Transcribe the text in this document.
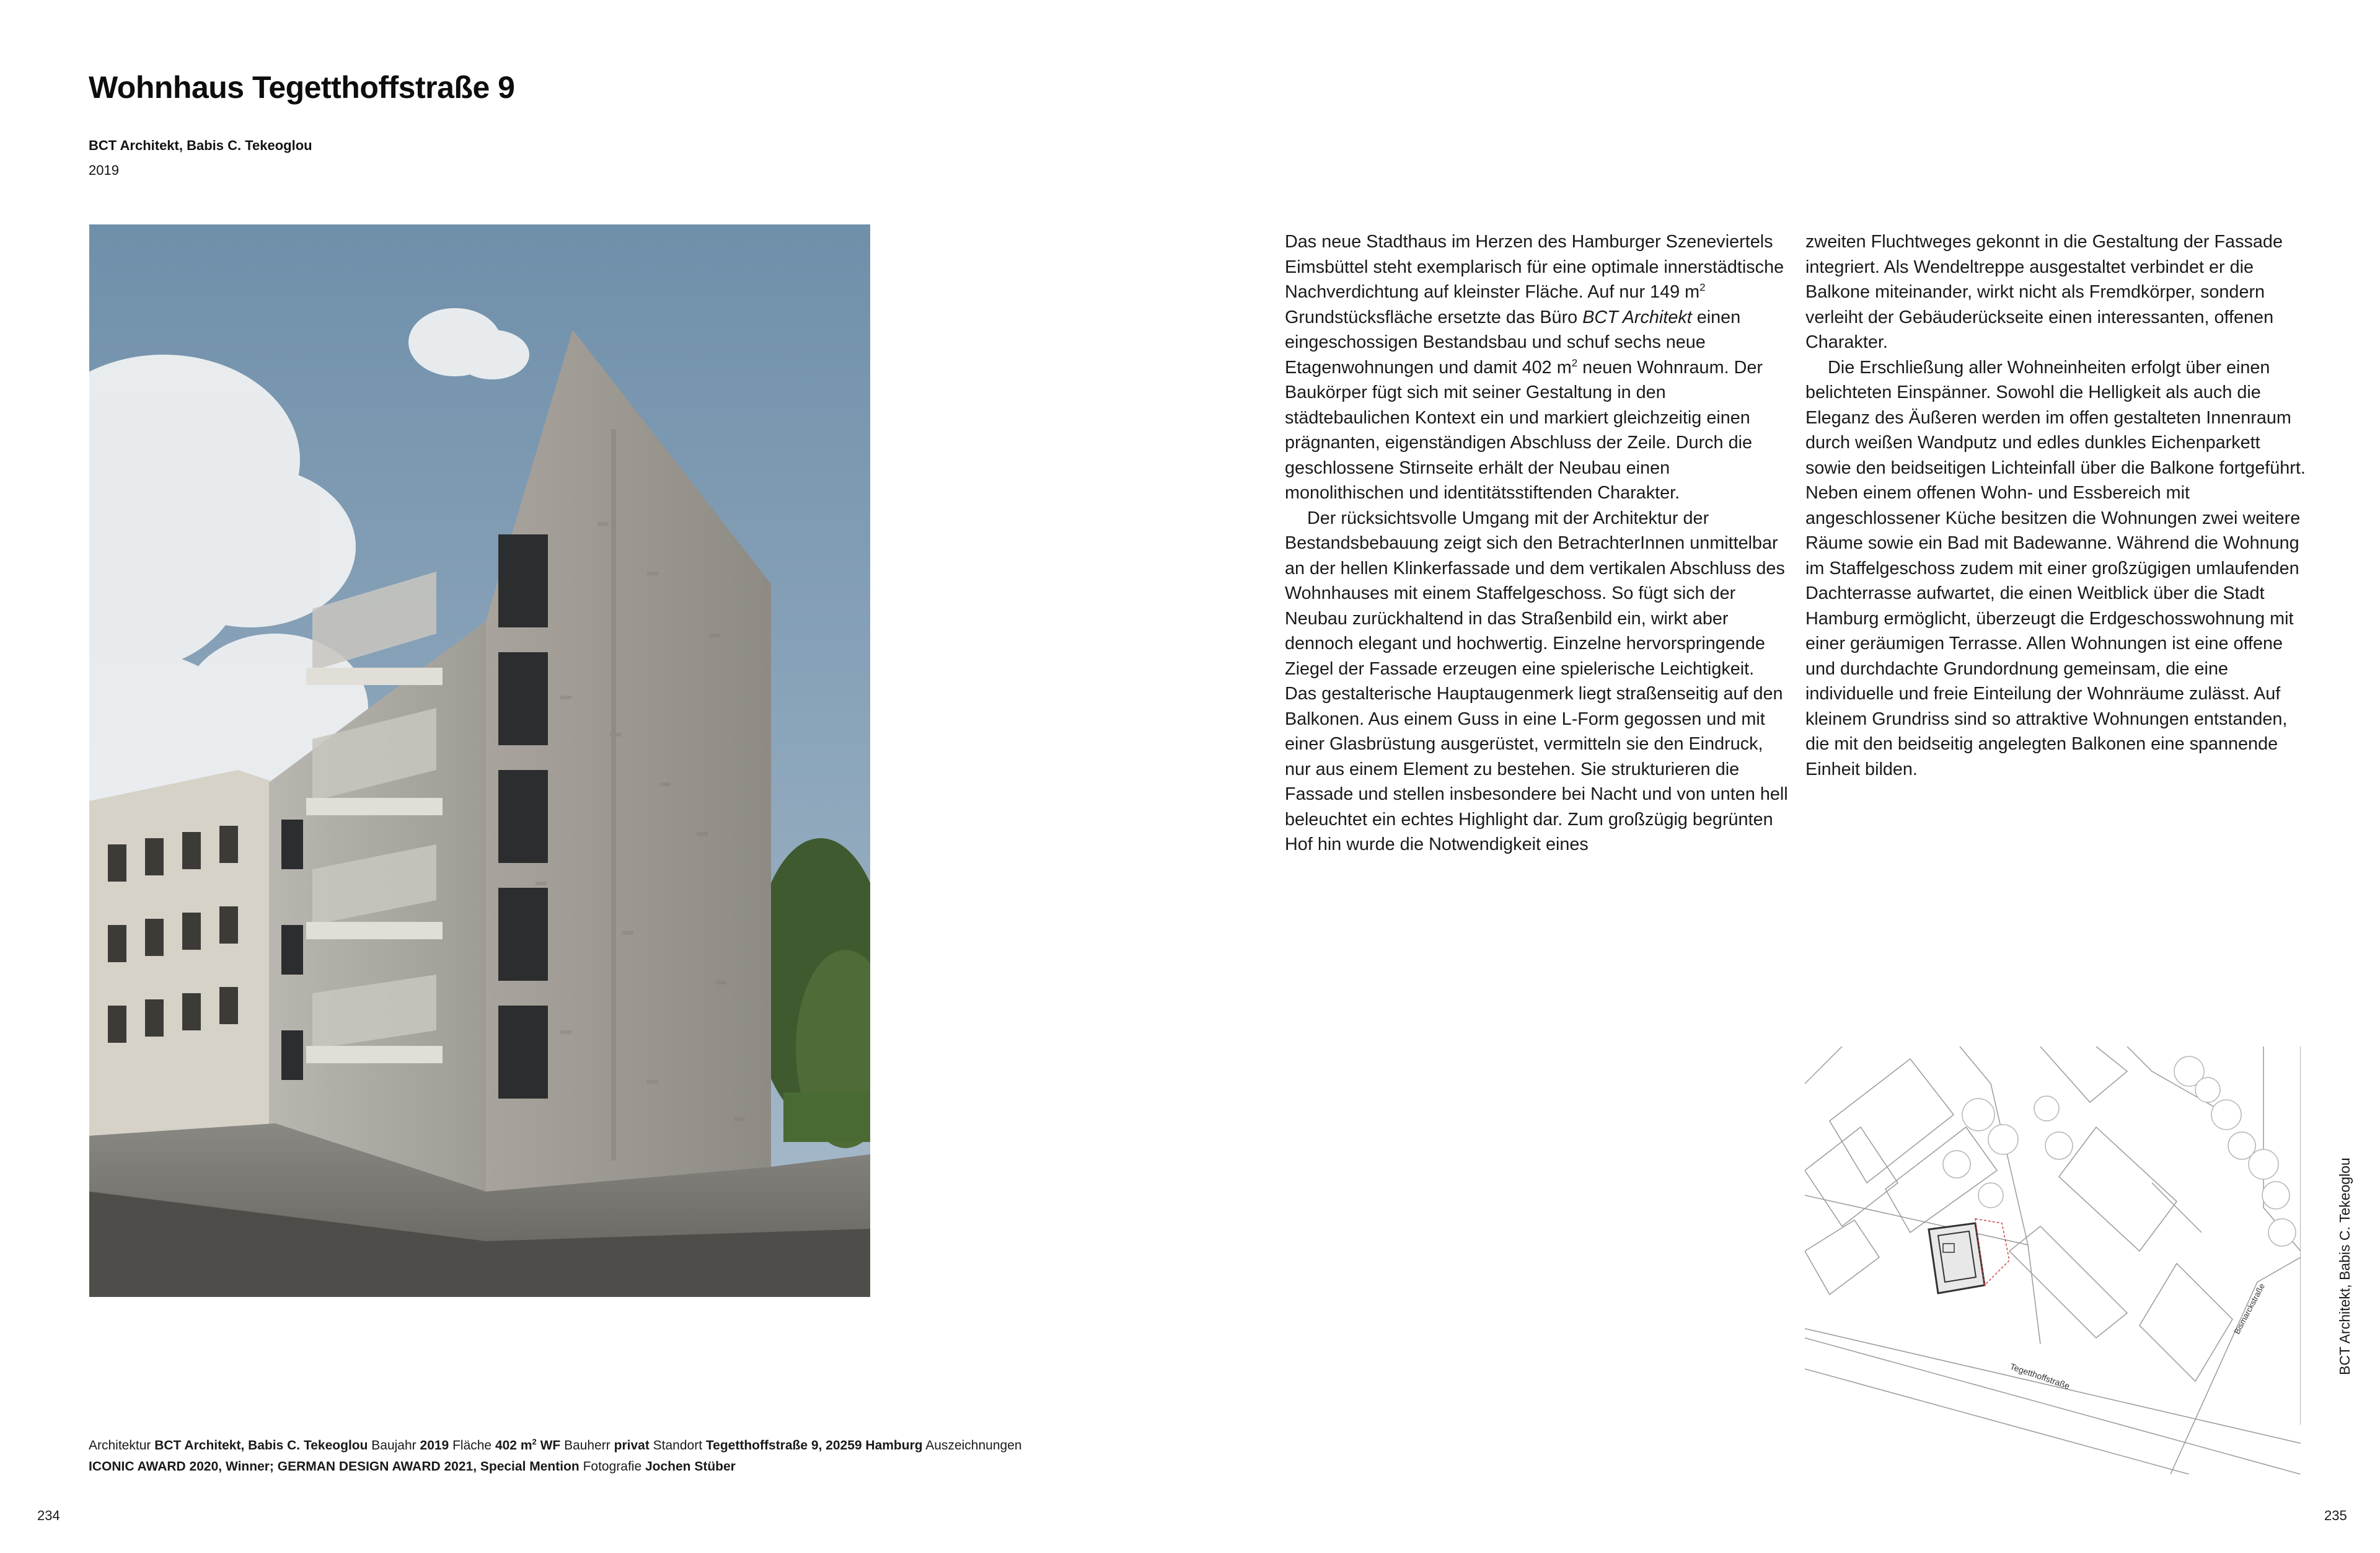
Wohnhaus Tegetthoffstraße 9
BCT Architekt, Babis C. Tekeoglou
2019

Das neue Stadthaus im Herzen des Hamburger Szeneviertels Eimsbüttel steht exemplarisch für eine optimale innerstädtische Nachverdichtung auf kleinster Fläche. Auf nur 149 $m^2$ Grundstücksfläche ersetzte das Büro BCT Architekt einen eingeschossigen Bestandsbau und schuf sechs neue Etagenwohnungen und damit 402 $m^2$ neuen Wohnraum. Der Baukörper fügt sich mit seiner Gestaltung in den städtebaulichen Kontext ein und markiert gleichzeitig einen prägnanten, eigenständigen Abschluss der Zeile. Durch die geschlossene Stirnseite erhält der Neubau einen monolithischen und identitätsstiftenden Charakter.

Der rücksichtsvolle Umgang mit der Architektur der Bestandsbebauung zeigt sich den BetrachterInnen unmittelbar an der hellen Klinkerfassade und dem vertikalen Abschluss des Wohnhauses mit einem Staffelgeschoss. So fügt sich der Neubau zurückhaltend in das Straßenbild ein, wirkt aber dennoch elegant und hochwertig. Einzelne hervorspringende Ziegel der Fassade erzeugen eine spielerische Leichtigkeit. Das gestalterische Hauptaugenmerk liegt straßenseitig auf den Balkonen. Aus einem Guss in eine L-Form gegossen und mit einer Glasbrüstung ausgerüstet, vermitteln sie den Eindruck, nur aus einem Element zu bestehen. Sie strukturieren die Fassade und stellen insbesondere bei Nacht und von unten hell beleuchtet ein echtes Highlight dar. Zum großzügig begrünten Hof hin wurde die Notwendigkeit eines

zweiten Fluchtweges gekonnt in die Gestaltung der Fassade integriert. Als Wendeltreppe ausgestaltet verbindet er die Balkone miteinander, wirkt nicht als Fremdkörper, sondern verleiht der Gebäuderückseite einen interessanten, offenen Charakter.

Die Erschließung aller Wohneinheiten erfolgt über einen belichteten Einspänner. Sowohl die Helligkeit als auch die Eleganz des Äußeren werden im offen gestalteten Innenraum durch weißen Wandputz und edles dunkles Eichenparkett sowie den beidseitigen Lichteinfall über die Balkone fortgeführt. Neben einem offenen Wohn- und Essbereich mit angeschlossener Küche besitzen die Wohnungen zwei weitere Räume sowie ein Bad mit Badewanne. Während die Wohnung im Staffelgeschoss zudem mit einer großzügigen umlaufenden Dachterrasse aufwartet, die einen Weitblick über die Stadt Hamburg ermöglicht, überzeugt die Erdgeschosswohnung mit einer geräumigen Terrasse. Allen Wohnungen ist eine offene und durchdachte Grundordnung gemeinsam, die eine individuelle und freie Einteilung der Wohnräume zulässt. Auf kleinem Grundriss sind so attraktive Wohnungen entstanden, die mit den beidseitig angelegten Balkonen eine spannende Einheit bilden.

Tegetthoffstraße
Bismarckstraße	BCT Architekt, Babis C. Tekeoglou
Architektur BCT Architekt, Babis C. Tekeoglou Baujahr 2019 Fläche 402 $m^2$ WF Bauherr privat Standort Tegetthoffstraße 9, 20259 Hamburg Auszeichnungen
ICONIC AWARD 2020, Winner; GERMAN DESIGN AWARD 2021, Special Mention Fotografie Jochen Stüber
234	235
